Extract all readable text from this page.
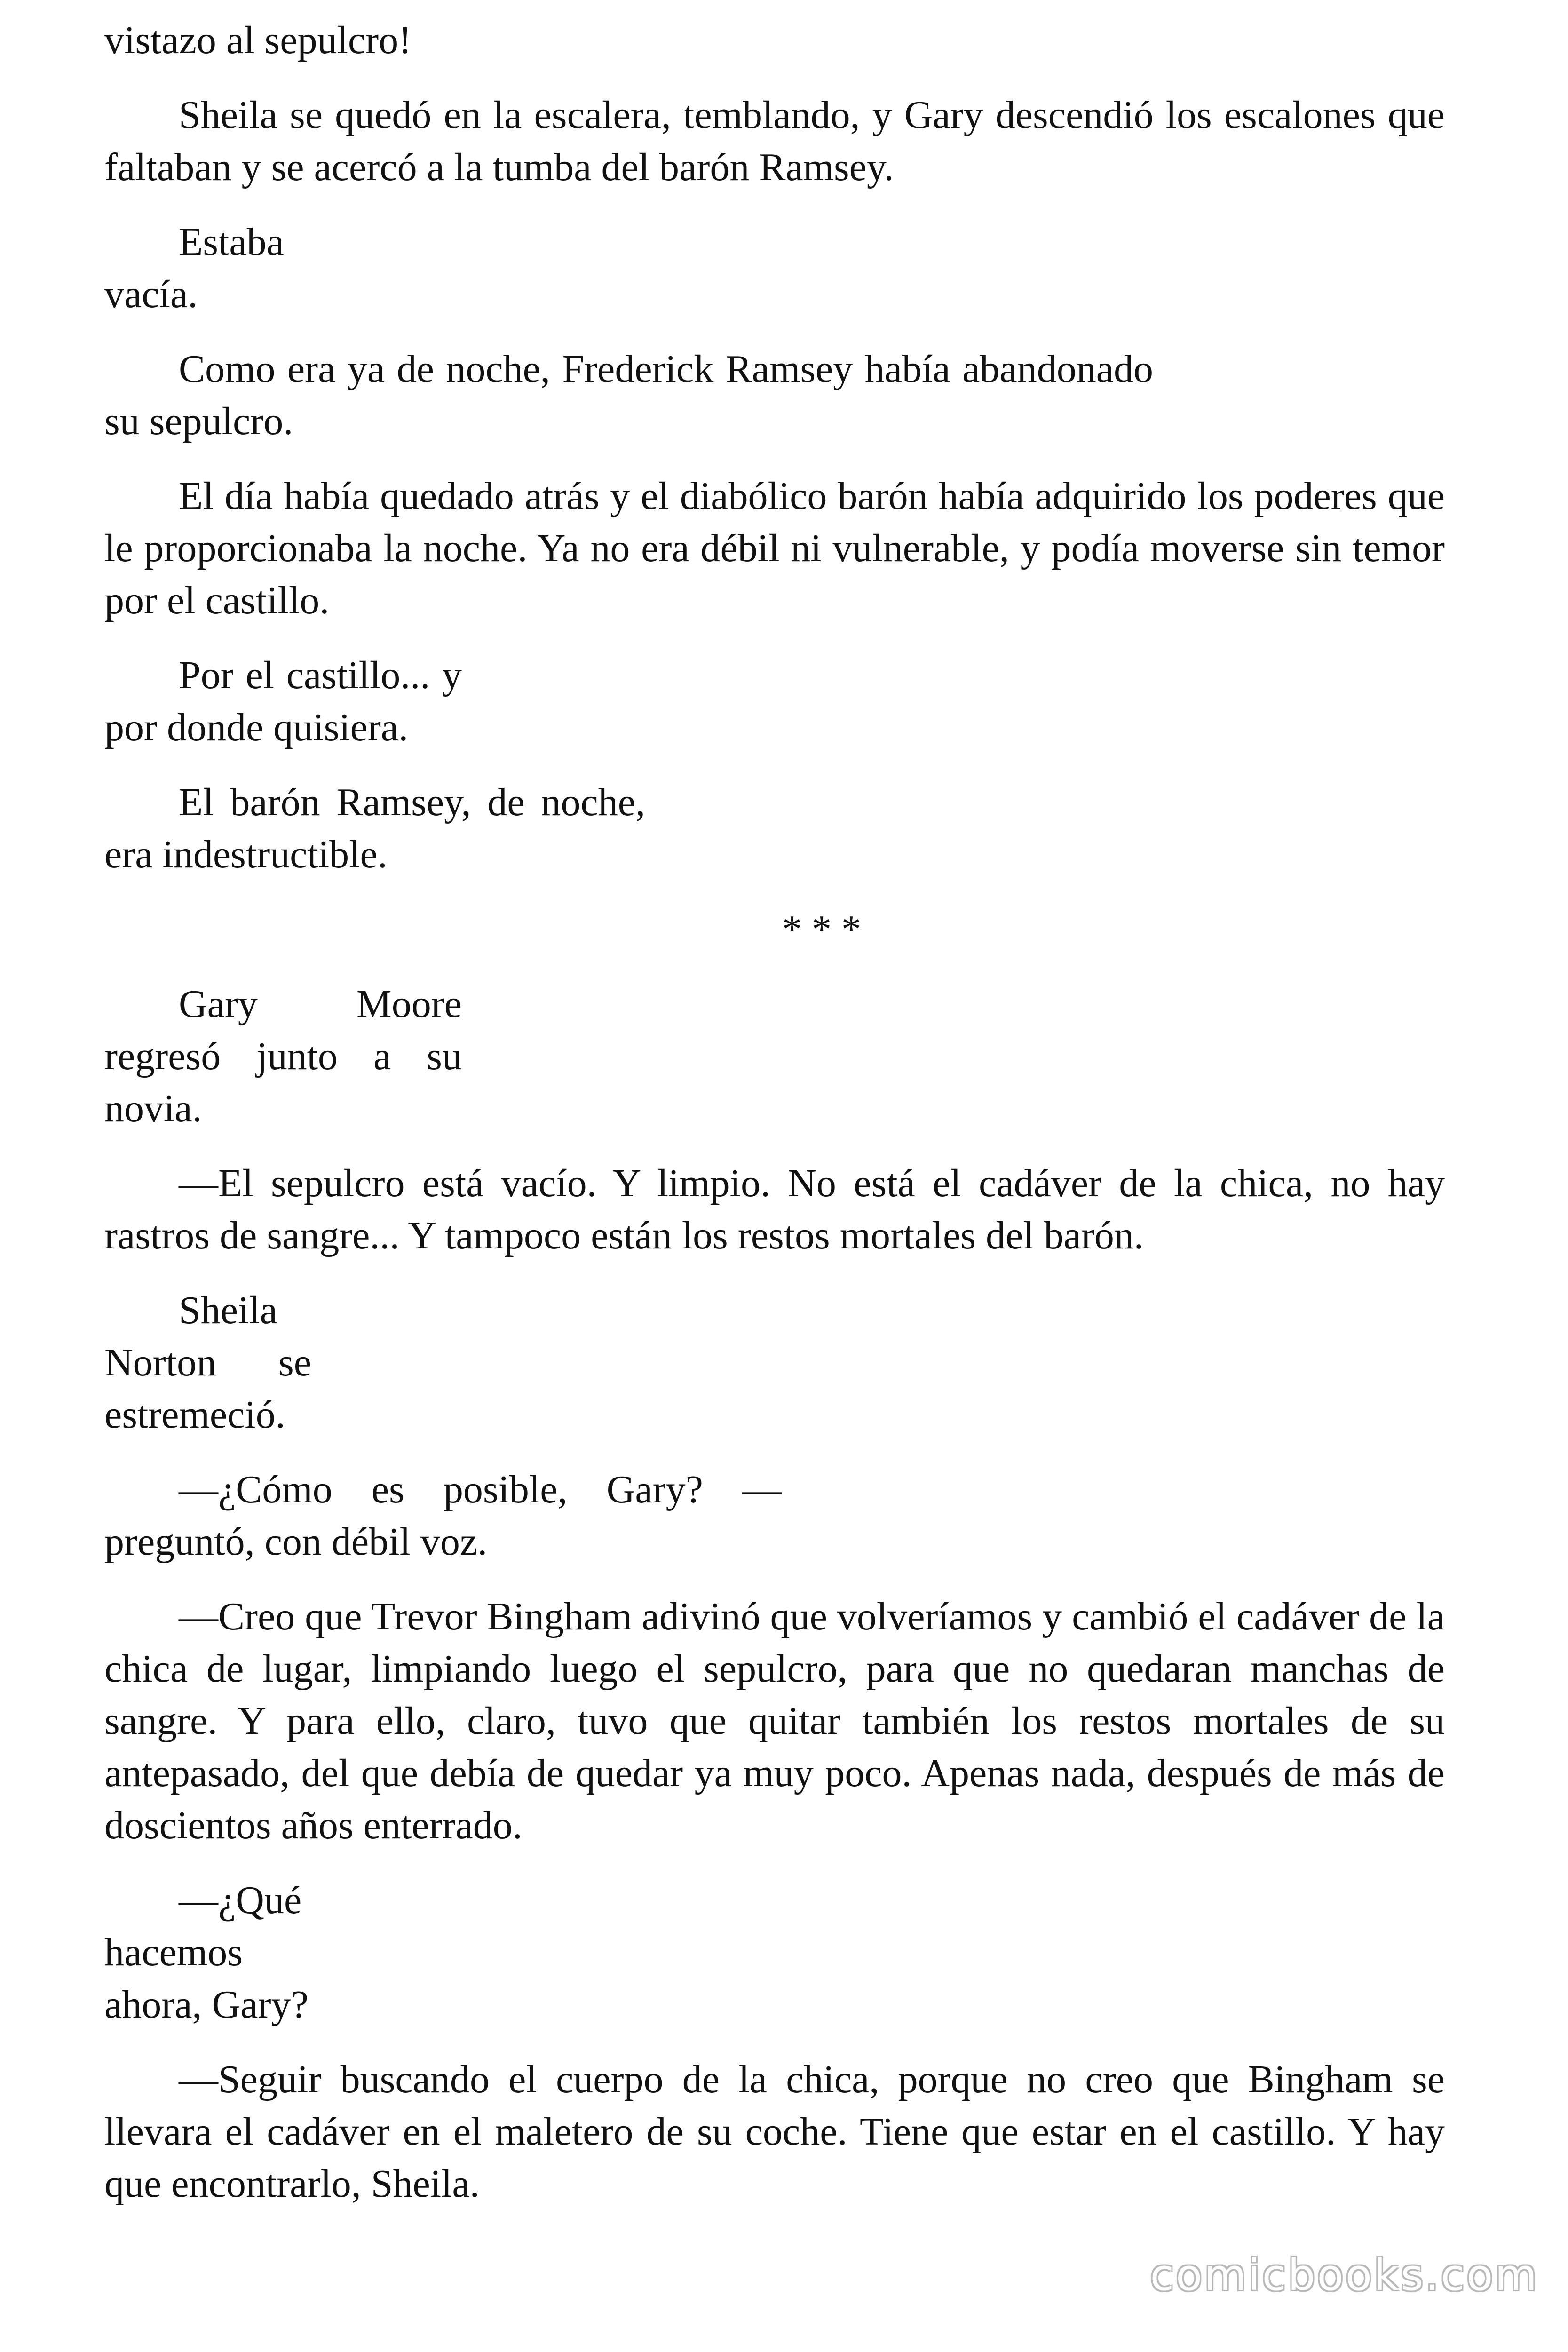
vistazo al sepulcro!

Sheila se quedó en la escalera, temblando, y Gary descendió los escalones que faltaban y se acercó a la tumba del barón Ramsey.

Estaba vacía.

Como era ya de noche, Frederick Ramsey había abandonado su sepulcro.

El día había quedado atrás y el diabólico barón había adquirido los poderes que le proporcionaba la noche. Ya no era débil ni vulnerable, y podía moverse sin temor por el castillo.

Por el castillo... y por donde quisiera.

El barón Ramsey, de noche, era indestructible.

* * *

Gary Moore regresó junto a su novia.

—El sepulcro está vacío. Y limpio. No está el cadáver de la chica, no hay rastros de sangre... Y tampoco están los restos mortales del barón.

Sheila Norton se estremeció.

—¿Cómo es posible, Gary? —preguntó, con débil voz.

—Creo que Trevor Bingham adivinó que volveríamos y cambió el cadáver de la chica de lugar, limpiando luego el sepulcro, para que no quedaran manchas de sangre. Y para ello, claro, tuvo que quitar también los restos mortales de su antepasado, del que debía de quedar ya muy poco. Apenas nada, después de más de doscientos años enterrado.

—¿Qué hacemos ahora, Gary?

—Seguir buscando el cuerpo de la chica, porque no creo que Bingham se llevara el cadáver en el maletero de su coche. Tiene que estar en el castillo. Y hay que encontrarlo, Sheila.

comicbooks.com
